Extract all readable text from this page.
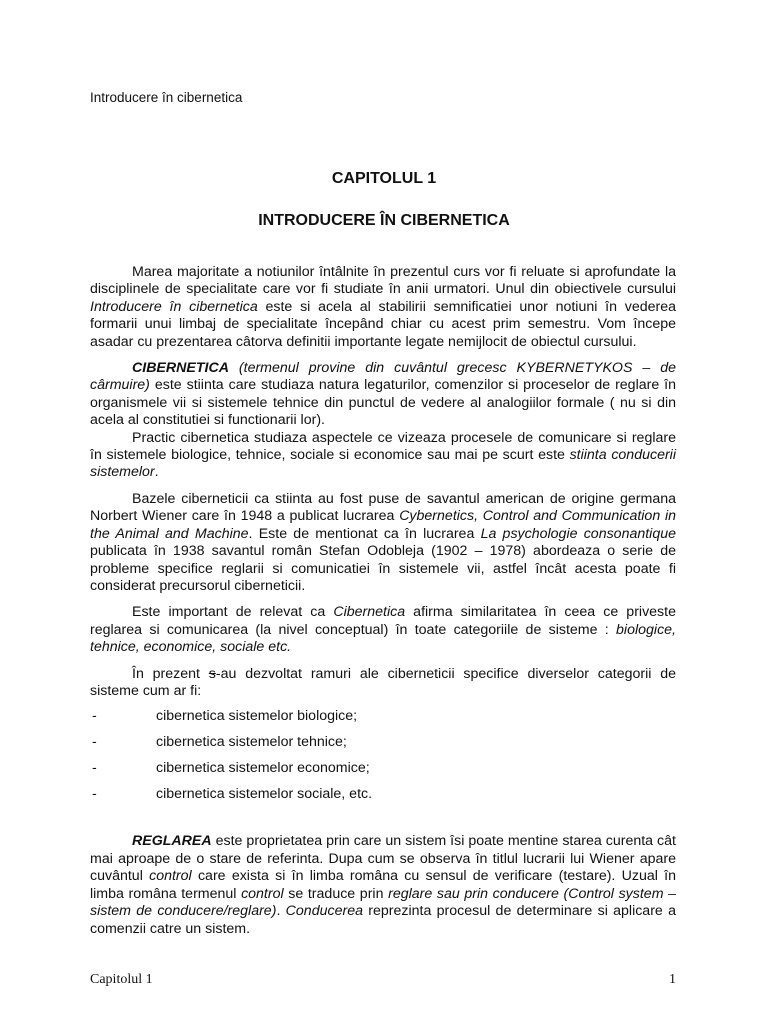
Introducere în cibernetica
CAPITOLUL 1
INTRODUCERE ÎN CIBERNETICA

Marea majoritate a notiunilor întâlnite în prezentul curs vor fi reluate si aprofundate la disciplinele de specialitate care vor fi studiate în anii urmatori. Unul din obiectivele cursului Introducere în cibernetica este si acela al stabilirii semnificatiei unor notiuni în vederea formarii unui limbaj de specialitate începând chiar cu acest prim semestru. Vom începe asadar cu prezentarea câtorva definitii importante legate nemijlocit de obiectul cursului.

CIBERNETICA (termenul provine din cuvântul grecesc KYBERNETYKOS – de cârmuire) este stiinta care studiaza natura legaturilor, comenzilor si proceselor de reglare în organismele vii si sistemele tehnice din punctul de vedere al analogiilor formale ( nu si din acela al constitutiei si functionarii lor).

Practic cibernetica studiaza aspectele ce vizeaza procesele de comunicare si reglare în sistemele biologice, tehnice, sociale si economice sau mai pe scurt este stiinta conducerii sistemelor.

Bazele ciberneticii ca stiinta au fost puse de savantul american de origine germana Norbert Wiener care în 1948 a publicat lucrarea Cybernetics, Control and Communication in the Animal and Machine. Este de mentionat ca în lucrarea La psychologie consonantique publicata în 1938 savantul român Stefan Odobleja (1902 – 1978) abordeaza o serie de probleme specifice reglarii si comunicatiei în sistemele vii, astfel încât acesta poate fi considerat precursorul ciberneticii.

Este important de relevat ca Cibernetica afirma similaritatea în ceea ce priveste reglarea si comunicarea (la nivel conceptual) în toate categoriile de sisteme : biologice, tehnice, economice, sociale etc.

În prezent s-au dezvoltat ramuri ale ciberneticii specifice diverselor categorii de sisteme cum ar fi:

-	cibernetica sistemelor biologice;
-	cibernetica sistemelor tehnice;
-	cibernetica sistemelor economice;
-	cibernetica sistemelor sociale, etc.

REGLAREA este proprietatea prin care un sistem îsi poate mentine starea curenta cât mai aproape de o stare de referinta. Dupa cum se observa în titlul lucrarii lui Wiener apare cuvântul control care exista si în limba româna cu sensul de verificare (testare). Uzual în limba româna termenul control se traduce prin reglare sau prin conducere (Control system – sistem de conducere/reglare). Conducerea reprezinta procesul de determinare si aplicare a comenzii catre un sistem.

Capitolul 1	1
